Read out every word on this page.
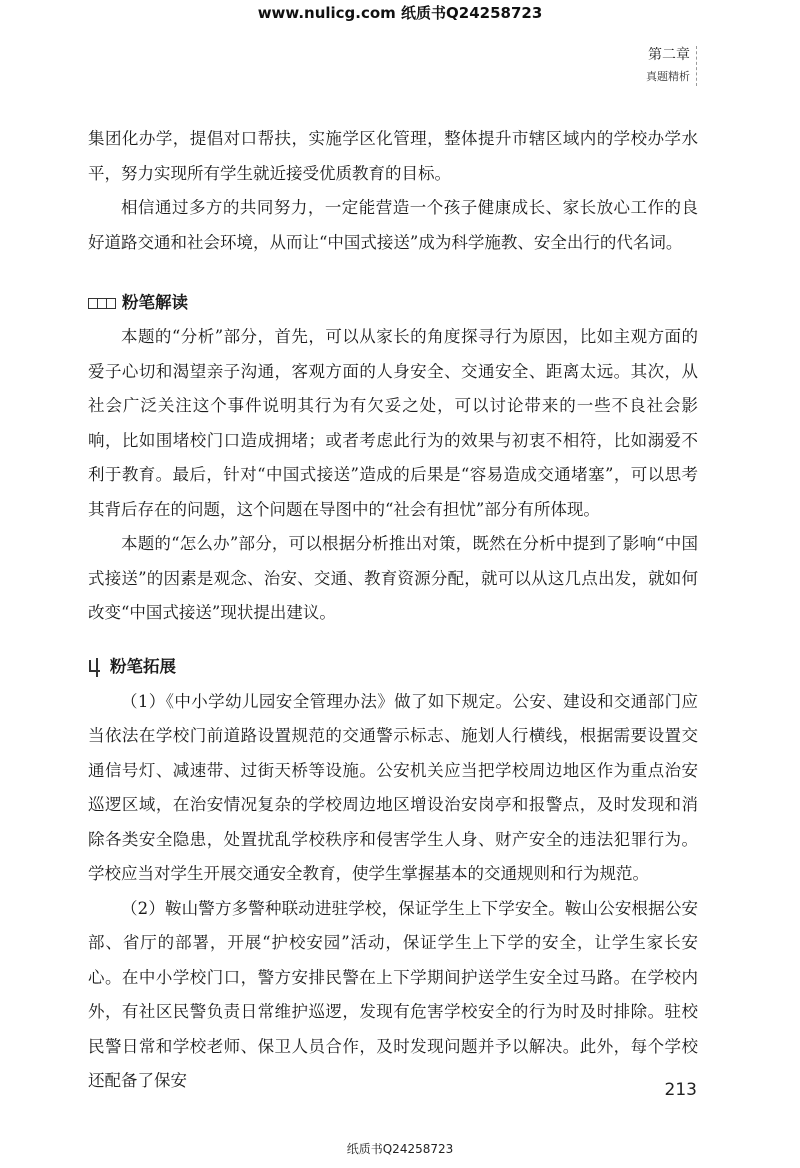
www.nulicg.com 纸质书Q24258723
第二章
真题精析

集团化办学，提倡对口帮扶，实施学区化管理，整体提升市辖区域内的学校办学水平，努力实现所有学生就近接受优质教育的目标。

相信通过多方的共同努力，一定能营造一个孩子健康成长、家长放心工作的良好道路交通和社会环境，从而让“中国式接送”成为科学施教、安全出行的代名词。

粉笔解读

本题的“分析”部分，首先，可以从家长的角度探寻行为原因，比如主观方面的爱子心切和渴望亲子沟通，客观方面的人身安全、交通安全、距离太远。其次，从社会广泛关注这个事件说明其行为有欠妥之处，可以讨论带来的一些不良社会影响，比如围堵校门口造成拥堵；或者考虑此行为的效果与初衷不相符，比如溺爱不利于教育。最后，针对“中国式接送”造成的后果是“容易造成交通堵塞”，可以思考其背后存在的问题，这个问题在导图中的“社会有担忧”部分有所体现。

本题的“怎么办”部分，可以根据分析推出对策，既然在分析中提到了影响“中国式接送”的因素是观念、治安、交通、教育资源分配，就可以从这几点出发，就如何改变“中国式接送”现状提出建议。

粉笔拓展

（1）《中小学幼儿园安全管理办法》做了如下规定。公安、建设和交通部门应当依法在学校门前道路设置规范的交通警示标志、施划人行横线，根据需要设置交通信号灯、减速带、过街天桥等设施。公安机关应当把学校周边地区作为重点治安巡逻区域，在治安情况复杂的学校周边地区增设治安岗亭和报警点，及时发现和消除各类安全隐患，处置扰乱学校秩序和侵害学生人身、财产安全的违法犯罪行为。学校应当对学生开展交通安全教育，使学生掌握基本的交通规则和行为规范。

（2）鞍山警方多警种联动进驻学校，保证学生上下学安全。鞍山公安根据公安部、省厅的部署，开展“护校安园”活动，保证学生上下学的安全，让学生家长安心。在中小学校门口，警方安排民警在上下学期间护送学生安全过马路。在学校内外，有社区民警负责日常维护巡逻，发现有危害学校安全的行为时及时排除。驻校民警日常和学校老师、保卫人员合作，及时发现问题并予以解决。此外，每个学校还配备了保安	213
纸质书Q24258723
